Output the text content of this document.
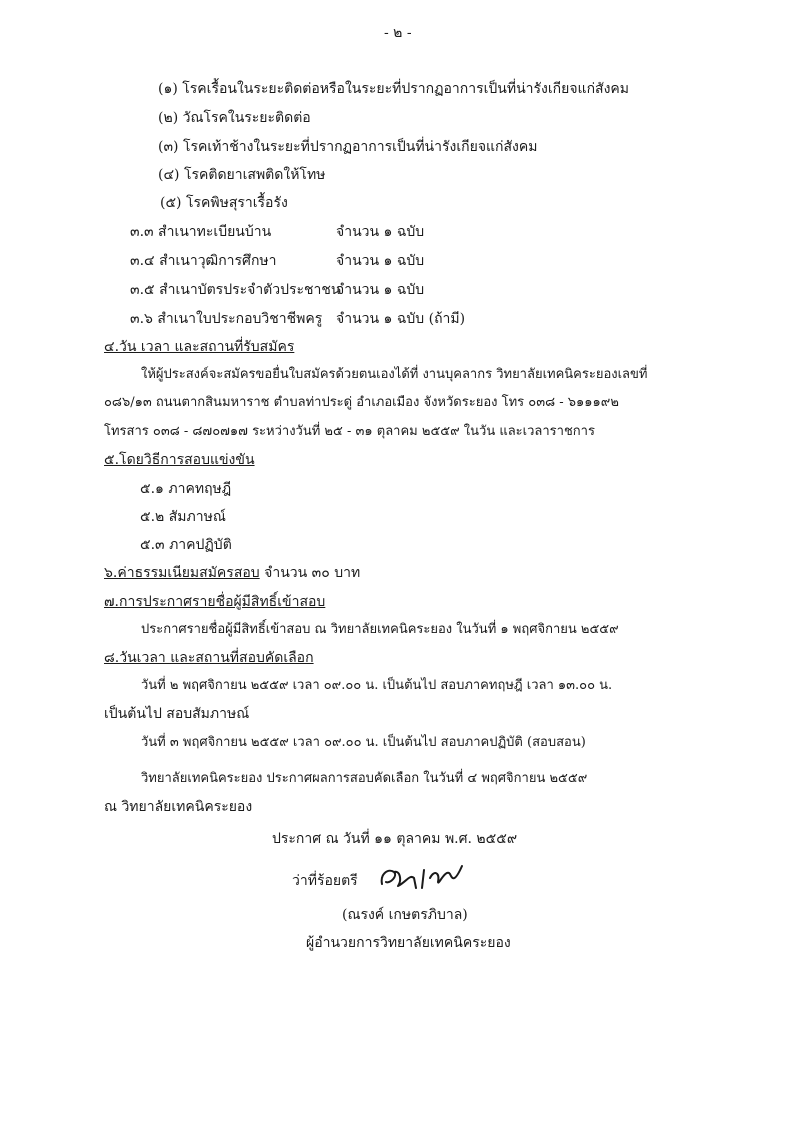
- ๒ -
(๑) โรคเรื้อนในระยะติดต่อหรือในระยะที่ปรากฏอาการเป็นที่น่ารังเกียจแก่สังคม
(๒) วัณโรคในระยะติดต่อ
(๓) โรคเท้าช้างในระยะที่ปรากฏอาการเป็นที่น่ารังเกียจแก่สังคม
(๔) โรคติดยาเสพติดให้โทษ
(๕) โรคพิษสุราเรื้อรัง
๓.๓ สำเนาทะเบียนบ้าน	จำนวน ๑ ฉบับ
๓.๔ สำเนาวุฒิการศึกษา	จำนวน ๑ ฉบับ
๓.๕ สำเนาบัตรประจำตัวประชาชน
จำนวน ๑ ฉบับ
๓.๖ สำเนาใบประกอบวิชาชีพครู จำนวน ๑ ฉบับ (ถ้ามี)
๔.วัน เวลา และสถานที่รับสมัคร
ให้ผู้ประสงค์จะสมัครขอยื่นใบสมัครด้วยตนเองได้ที่ งานบุคลากร วิทยาลัยเทคนิคระยองเลขที่
๐๘๖/๑๓ ถนนตากสินมหาราช ตำบลท่าประดู่ อำเภอเมือง จังหวัดระยอง โทร ๐๓๘ - ๖๑๑๑๙๒
โทรสาร ๐๓๘ - ๘๗๐๗๑๗ ระหว่างวันที่ ๒๕ - ๓๑ ตุลาคม ๒๕๕๙ ในวัน และเวลาราชการ
๕.โดยวิธีการสอบแข่งขัน
๕.๑ ภาคทฤษฎี
๕.๒ สัมภาษณ์
๕.๓ ภาคปฏิบัติ
๖.ค่าธรรมเนียมสมัครสอบ จำนวน ๓๐ บาท
๗.การประกาศรายชื่อผู้มีสิทธิ์เข้าสอบ
ประกาศรายชื่อผู้มีสิทธิ์เข้าสอบ ณ วิทยาลัยเทคนิคระยอง ในวันที่ ๑ พฤศจิกายน ๒๕๕๙
๘.วันเวลา และสถานที่สอบคัดเลือก
วันที่ ๒ พฤศจิกายน ๒๕๕๙ เวลา ๐๙.๐๐ น. เป็นต้นไป สอบภาคทฤษฎี เวลา ๑๓.๐๐ น.
เป็นต้นไป สอบสัมภาษณ์
วันที่ ๓ พฤศจิกายน ๒๕๕๙ เวลา ๐๙.๐๐ น. เป็นต้นไป สอบภาคปฏิบัติ (สอบสอน)
วิทยาลัยเทคนิคระยอง ประกาศผลการสอบคัดเลือก ในวันที่ ๔ พฤศจิกายน ๒๕๕๙
ณ วิทยาลัยเทคนิคระยอง
ประกาศ ณ วันที่ ๑๑ ตุลาคม พ.ศ. ๒๕๕๙
ว่าที่ร้อยตรี
(ณรงค์ เกษตรภิบาล)
ผู้อำนวยการวิทยาลัยเทคนิคระยอง
